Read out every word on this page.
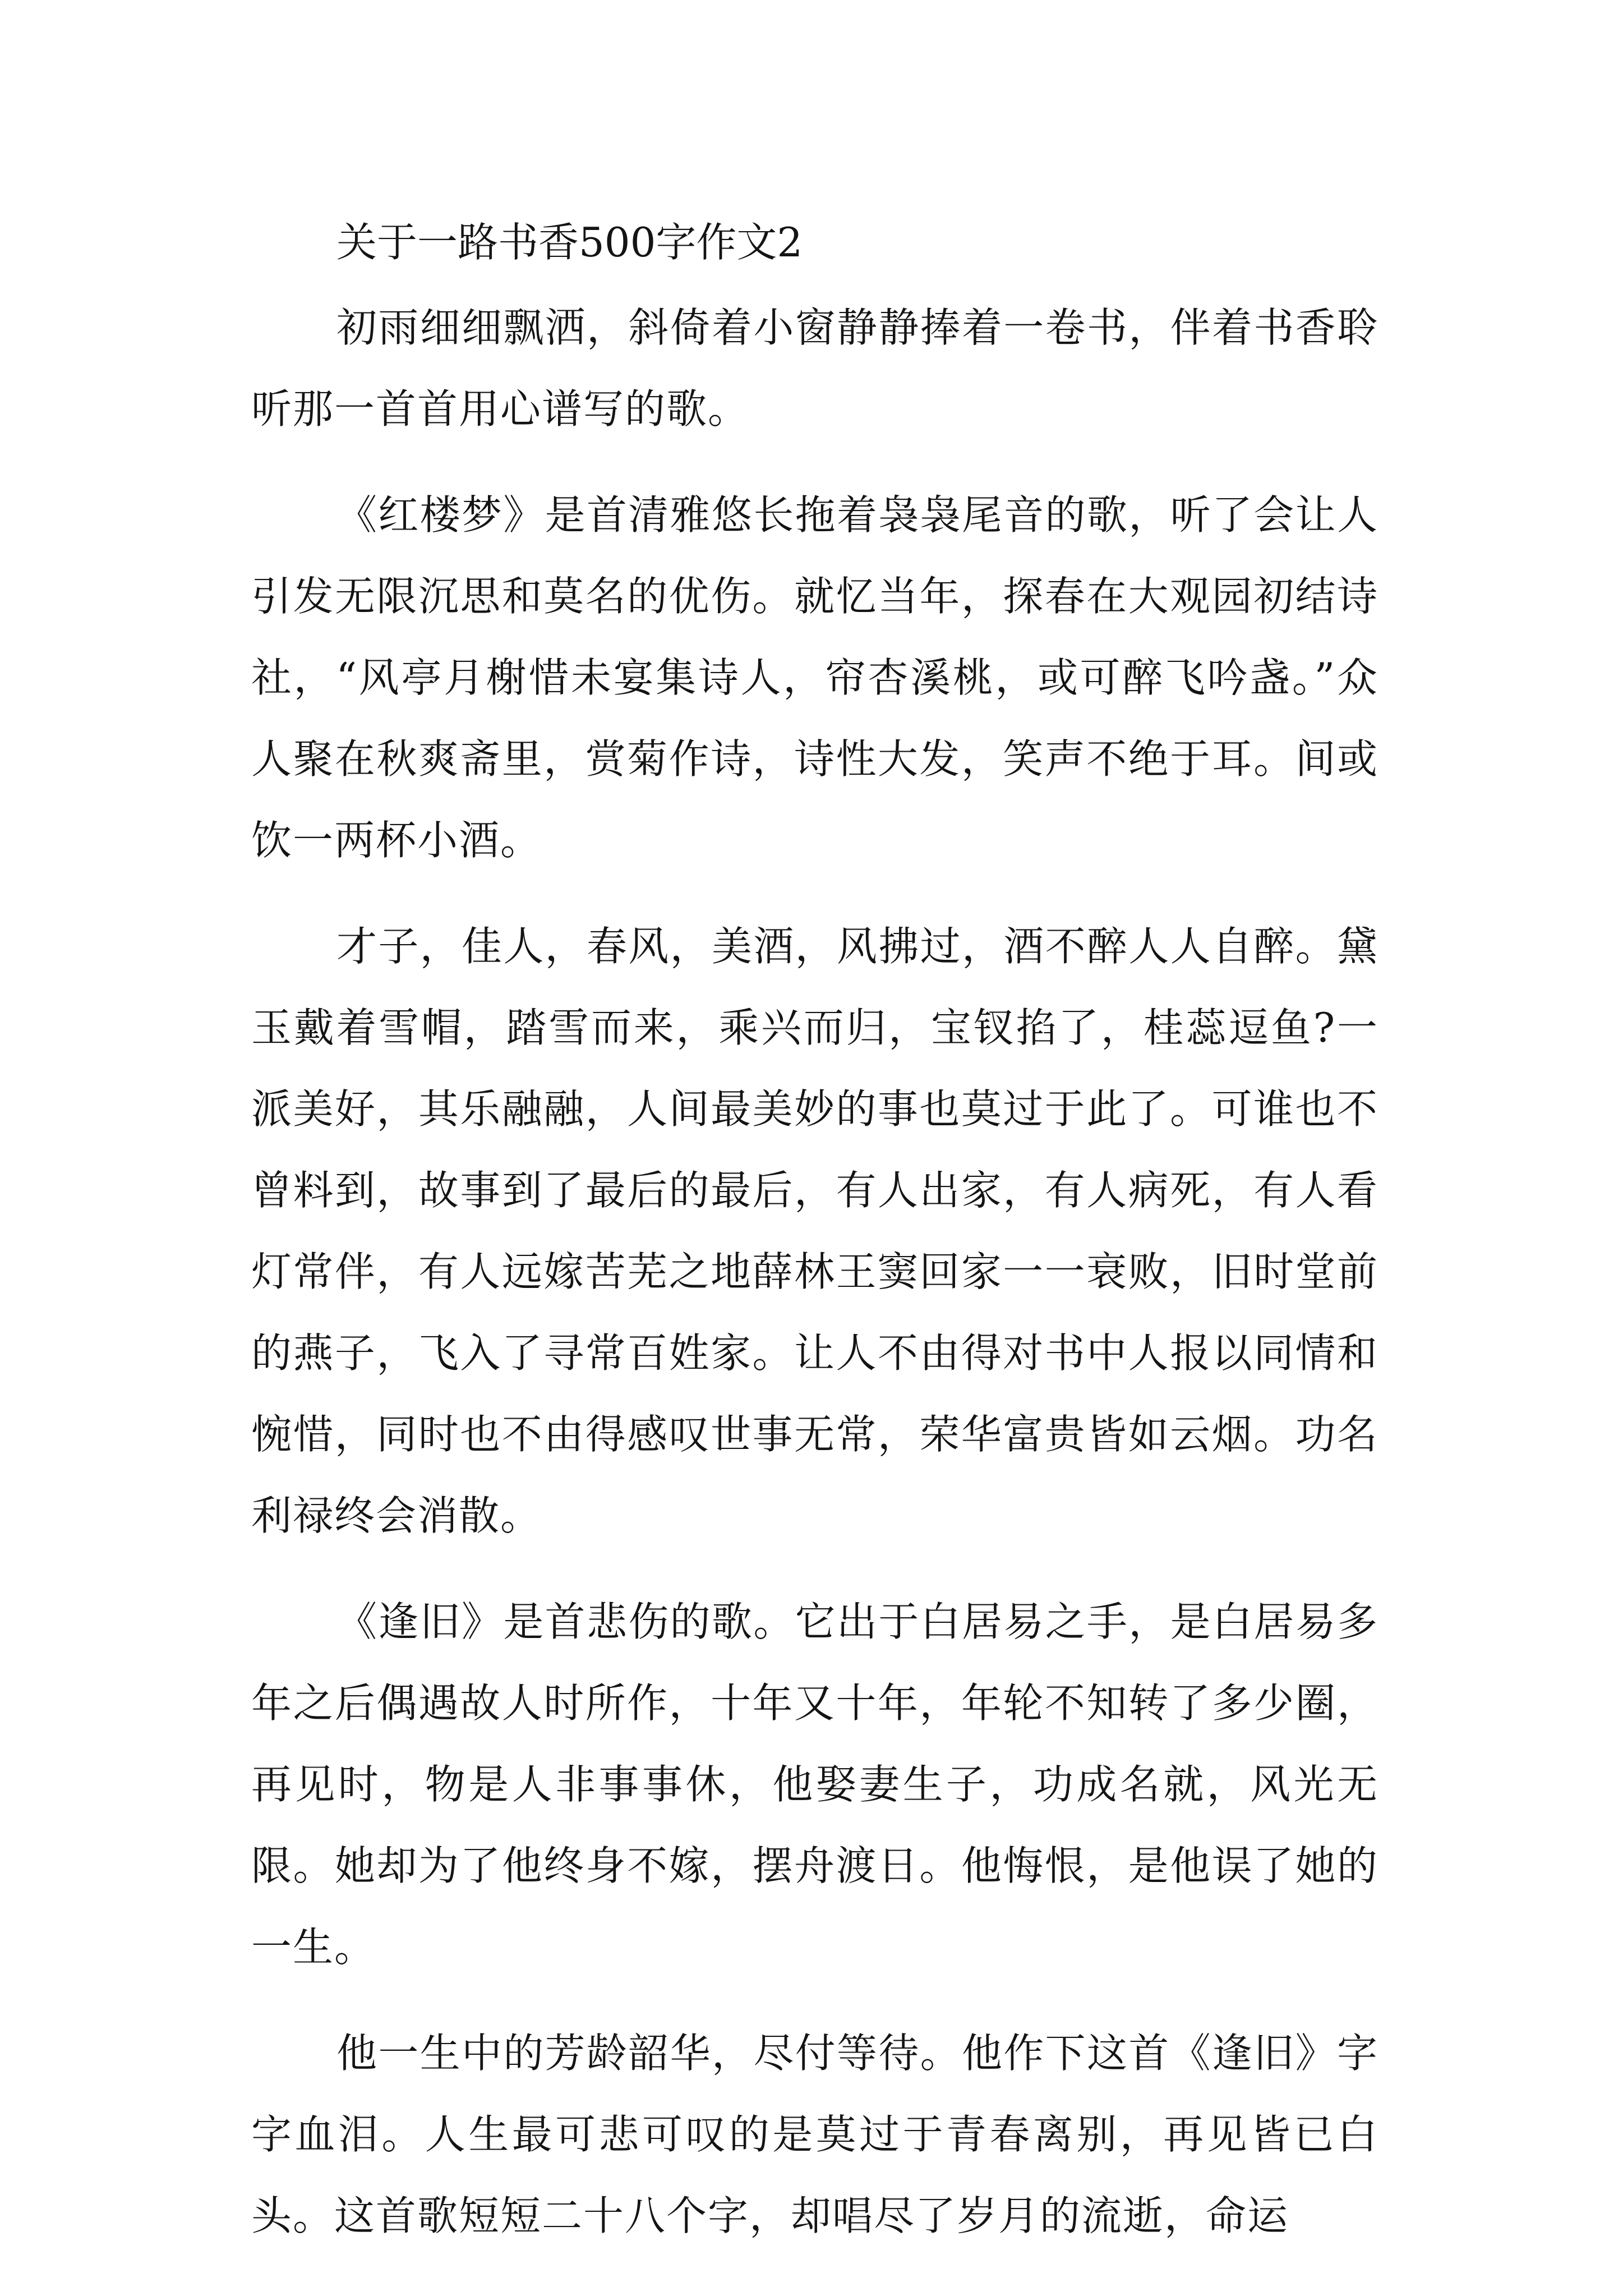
关于一路书香500字作文2

初雨细细飘洒，斜倚着小窗静静捧着一卷书，伴着书香聆听那一首首用心谱写的歌。

《红楼梦》是首清雅悠长拖着袅袅尾音的歌，听了会让人引发无限沉思和莫名的优伤。就忆当年，探春在大观园初结诗社，“风亭月榭惜未宴集诗人，帘杏溪桃，或可醉飞吟盏。”众人聚在秋爽斋里，赏菊作诗，诗性大发，笑声不绝于耳。间或饮一两杯小酒。

才子，佳人，春风，美酒，风拂过，酒不醉人人自醉。黛玉戴着雪帽，踏雪而来，乘兴而归，宝钗掐了，桂蕊逗鱼?一派美好，其乐融融，人间最美妙的事也莫过于此了。可谁也不曾料到，故事到了最后的最后，有人出家，有人病死，有人看灯常伴，有人远嫁苦芜之地薛林王窦回家一一衰败，旧时堂前的燕子，飞入了寻常百姓家。让人不由得对书中人报以同情和惋惜，同时也不由得感叹世事无常，荣华富贵皆如云烟。功名利禄终会消散。

《逢旧》是首悲伤的歌。它出于白居易之手，是白居易多年之后偶遇故人时所作，十年又十年，年轮不知转了多少圈，再见时，物是人非事事休，他娶妻生子，功成名就，风光无限。她却为了他终身不嫁，摆舟渡日。他悔恨，是他误了她的一生。

他一生中的芳龄韶华，尽付等待。他作下这首《逢旧》字字血泪。人生最可悲可叹的是莫过于青春离别，再见皆已白头。这首歌短短二十八个字，却唱尽了岁月的流逝，命运
